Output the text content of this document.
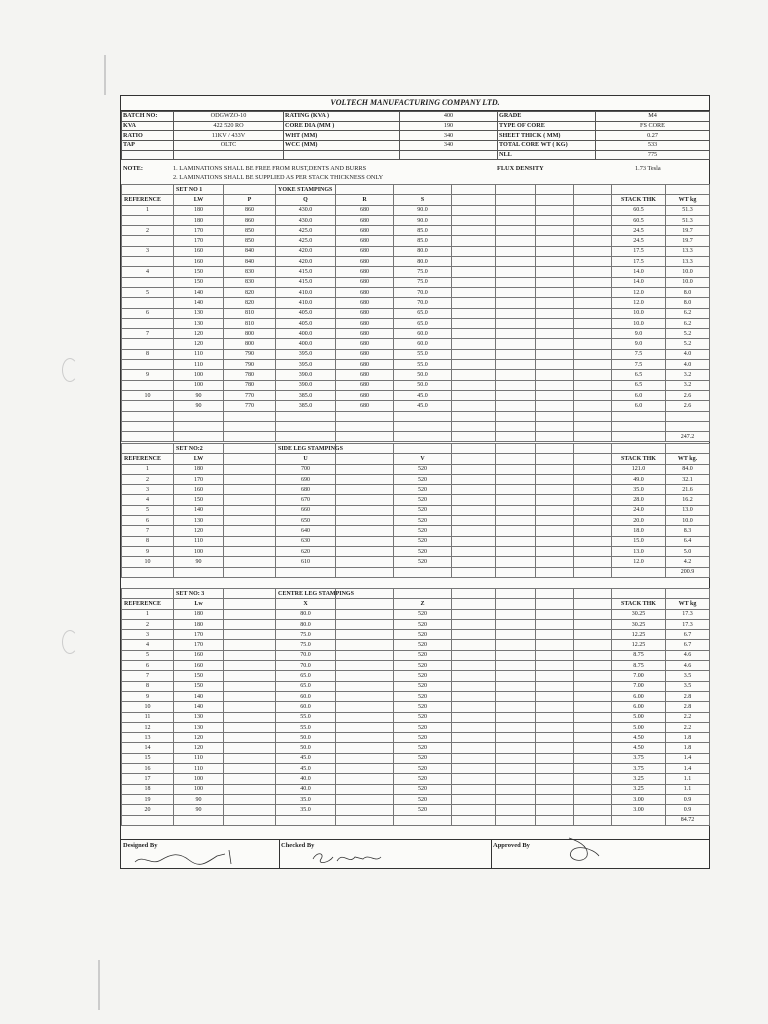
VOLTECH MANUFACTURING COMPANY LTD.
BATCH NO:	ODGWZO-10	RATING (KVA )	400	GRADE	M4
KVA	422 520 RO	CORE DIA (MM )	190	TYPE OF CORE	FS CORE
RATIO	11KV / 433V	WHT (MM)	340	SHEET THICK ( MM)	0.27
TAP	OLTC	WCC (MM)	340	TOTAL CORE WT ( KG)	533
				NLL	775
NOTE:	1. LAMINATIONS SHALL BE FREE FROM RUST,DENTS AND BURRS
2. LAMINATIONS SHALL BE SUPPLIED AS PER STACK THICKNESS ONLY
FLUX DENSITY	1.73 Tesla
	SET NO 1		YOKE STAMPINGS								
REFERENCE	LW	P	Q	R	S					STACK THK	WT kg
1	180	860	430.0	680	90.0					60.5	51.3
	180	860	430.0	680	90.0					60.5	51.3
2	170	850	425.0	680	85.0					24.5	19.7
	170	850	425.0	680	85.0					24.5	19.7
3	160	840	420.0	680	80.0					17.5	13.3
	160	840	420.0	680	80.0					17.5	13.3
4	150	830	415.0	680	75.0					14.0	10.0
	150	830	415.0	680	75.0					14.0	10.0
5	140	820	410.0	680	70.0					12.0	8.0
	140	820	410.0	680	70.0					12.0	8.0
6	130	810	405.0	680	65.0					10.0	6.2
	130	810	405.0	680	65.0					10.0	6.2
7	120	800	400.0	680	60.0					9.0	5.2
	120	800	400.0	680	60.0					9.0	5.2
8	110	790	395.0	680	55.0					7.5	4.0
	110	790	395.0	680	55.0					7.5	4.0
9	100	780	390.0	680	50.0					6.5	3.2
	100	780	390.0	680	50.0					6.5	3.2
10	90	770	385.0	680	45.0					6.0	2.6
	90	770	385.0	680	45.0					6.0	2.6

											247.2
	SET NO:2		SIDE LEG STAMPINGS								
REFERENCE	LW		U		V					STACK THK	WT kg.
1	180		700		520					121.0	84.0
2	170		690		520					49.0	32.1
3	160		680		520					35.0	21.6
4	150		670		520					28.0	16.2
5	140		660		520					24.0	13.0
6	130		650		520					20.0	10.0
7	120		640		520					18.0	8.3
8	110		630		520					15.0	6.4
9	100		620		520					13.0	5.0
10	90		610		520					12.0	4.2
											200.9
	SET NO: 3		CENTRE LEG STAMPINGS								
REFERENCE	Lw		X		Z					STACK THK	WT kg
1	180		80.0		520					30.25	17.3
2	180		80.0		520					30.25	17.3
3	170		75.0		520					12.25	6.7
4	170		75.0		520					12.25	6.7
5	160		70.0		520					8.75	4.6
6	160		70.0		520					8.75	4.6
7	150		65.0		520					7.00	3.5
8	150		65.0		520					7.00	3.5
9	140		60.0		520					6.00	2.8
10	140		60.0		520					6.00	2.8
11	130		55.0		520					5.00	2.2
12	130		55.0		520					5.00	2.2
13	120		50.0		520					4.50	1.8
14	120		50.0		520					4.50	1.8
15	110		45.0		520					3.75	1.4
16	110		45.0		520					3.75	1.4
17	100		40.0		520					3.25	1.1
18	100		40.0		520					3.25	1.1
19	90		35.0		520					3.00	0.9
20	90		35.0		520					3.00	0.9
											84.72
Designed By	Checked By	Approved By
